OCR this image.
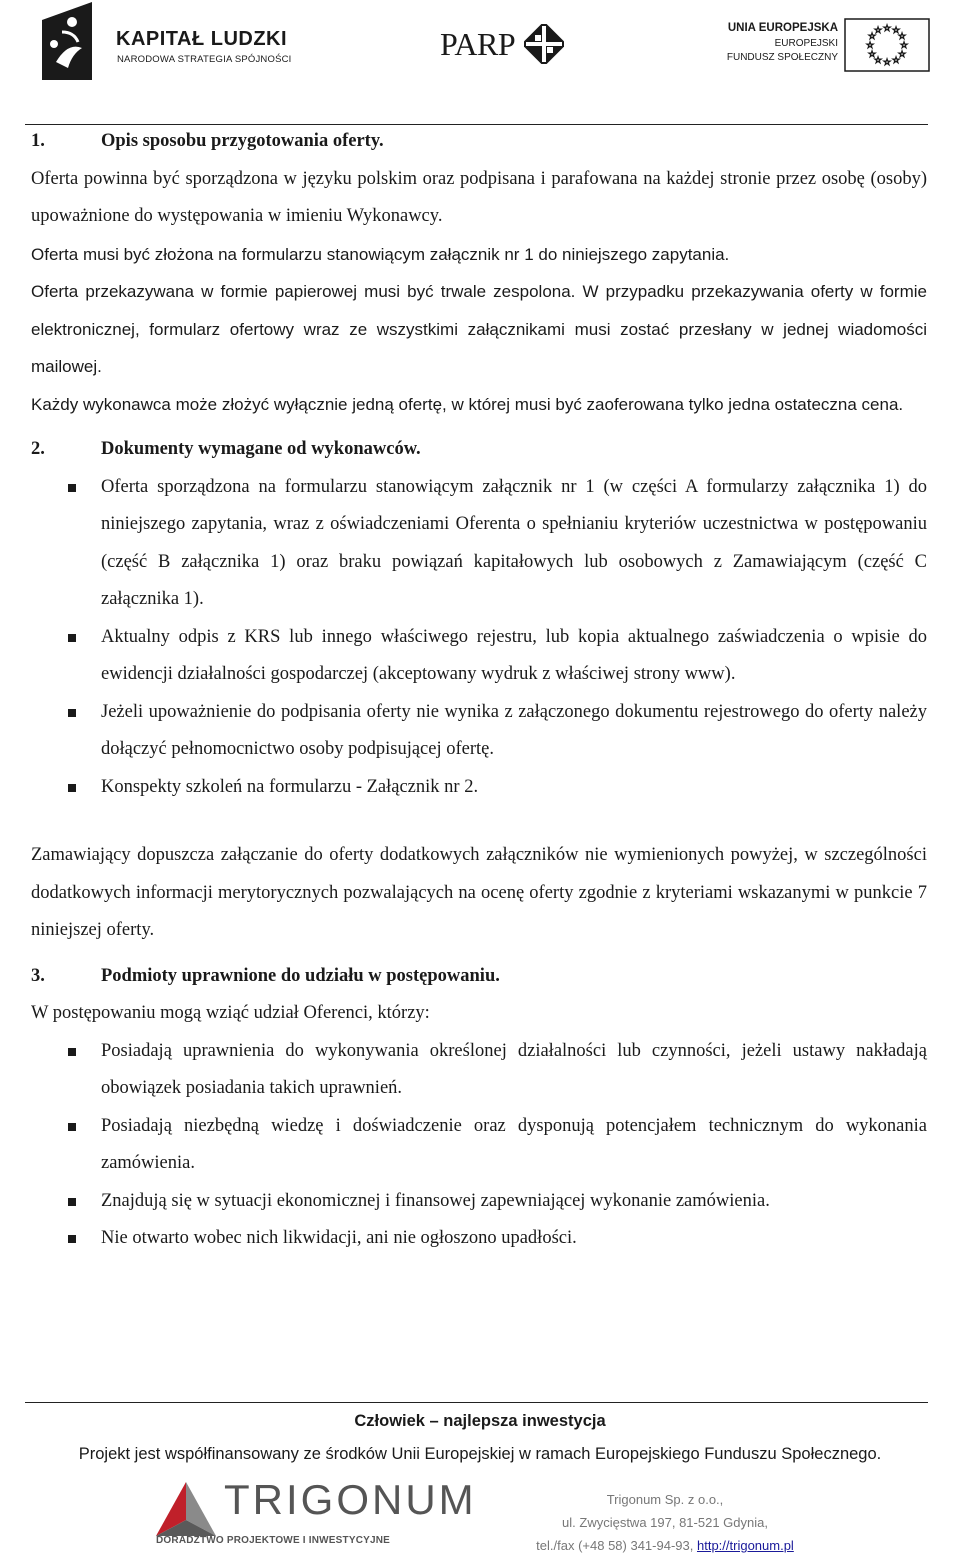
KAPITAŁ LUDZKI
NARODOWA STRATEGIA SPÓJNOŚCI	PARP	UNIA EUROPEJSKA
EUROPEJSKI
FUNDUSZ SPOŁECZNY
☆ ☆
☆
☆
☆
☆
☆
☆
☆
☆
☆
☆
1.	Opis sposobu przygotowania oferty.

Oferta powinna być sporządzona w języku polskim oraz podpisana i parafowana na każdej stronie przez osobę (osoby) upoważnione do występowania w imieniu Wykonawcy.

Oferta musi być złożona na formularzu stanowiącym załącznik nr 1 do niniejszego zapytania.

Oferta przekazywana w formie papierowej musi być trwale zespolona. W przypadku przekazywania oferty w formie elektronicznej, formularz ofertowy wraz ze wszystkimi załącznikami musi zostać przesłany w jednej wiadomości mailowej.

Każdy wykonawca może złożyć wyłącznie jedną ofertę, w której musi być zaoferowana tylko jedna ostateczna cena.

2.	Dokumenty wymagane od wykonawców.
Oferta sporządzona na formularzu stanowiącym załącznik nr 1 (w części A formularzy załącznika 1) do niniejszego zapytania, wraz z oświadczeniami Oferenta o spełnianiu kryteriów uczestnictwa w postępowaniu (część B załącznika 1) oraz braku powiązań kapitałowych lub osobowych z Zamawiającym (część C załącznika 1).
Aktualny odpis z KRS lub innego właściwego rejestru, lub kopia aktualnego zaświadczenia o wpisie do ewidencji działalności gospodarczej (akceptowany wydruk z właściwej strony www).
Jeżeli upoważnienie do podpisania oferty nie wynika z załączonego dokumentu rejestrowego do oferty należy dołączyć pełnomocnictwo osoby podpisującej ofertę.
Konspekty szkoleń na formularzu - Załącznik nr 2.

Zamawiający dopuszcza załączanie do oferty dodatkowych załączników nie wymienionych powyżej, w szczególności dodatkowych informacji merytorycznych pozwalających na ocenę oferty zgodnie z kryteriami wskazanymi w punkcie 7 niniejszej oferty.

3.	Podmioty uprawnione do udziału w postępowaniu.

W postępowaniu mogą wziąć udział Oferenci, którzy:

Posiadają uprawnienia do wykonywania określonej działalności lub czynności, jeżeli ustawy nakładają obowiązek posiadania takich uprawnień.
Posiadają niezbędną wiedzę i doświadczenie oraz dysponują potencjałem technicznym do wykonania zamówienia.
Znajdują się w sytuacji ekonomicznej i finansowej zapewniającej wykonanie zamówienia.
Nie otwarto wobec nich likwidacji, ani nie ogłoszono upadłości.
Człowiek – najlepsza inwestycja
Projekt jest współfinansowany ze środków Unii Europejskiej w ramach Europejskiego Funduszu Społecznego.
TRIGONUM
DORADZTWO PROJEKTOWE I INWESTYCYJNE
Trigonum Sp. z o.o.,
ul. Zwycięstwa 197, 81-521 Gdynia,
tel./fax (+48 58) 341-94-93, http://trigonum.pl
